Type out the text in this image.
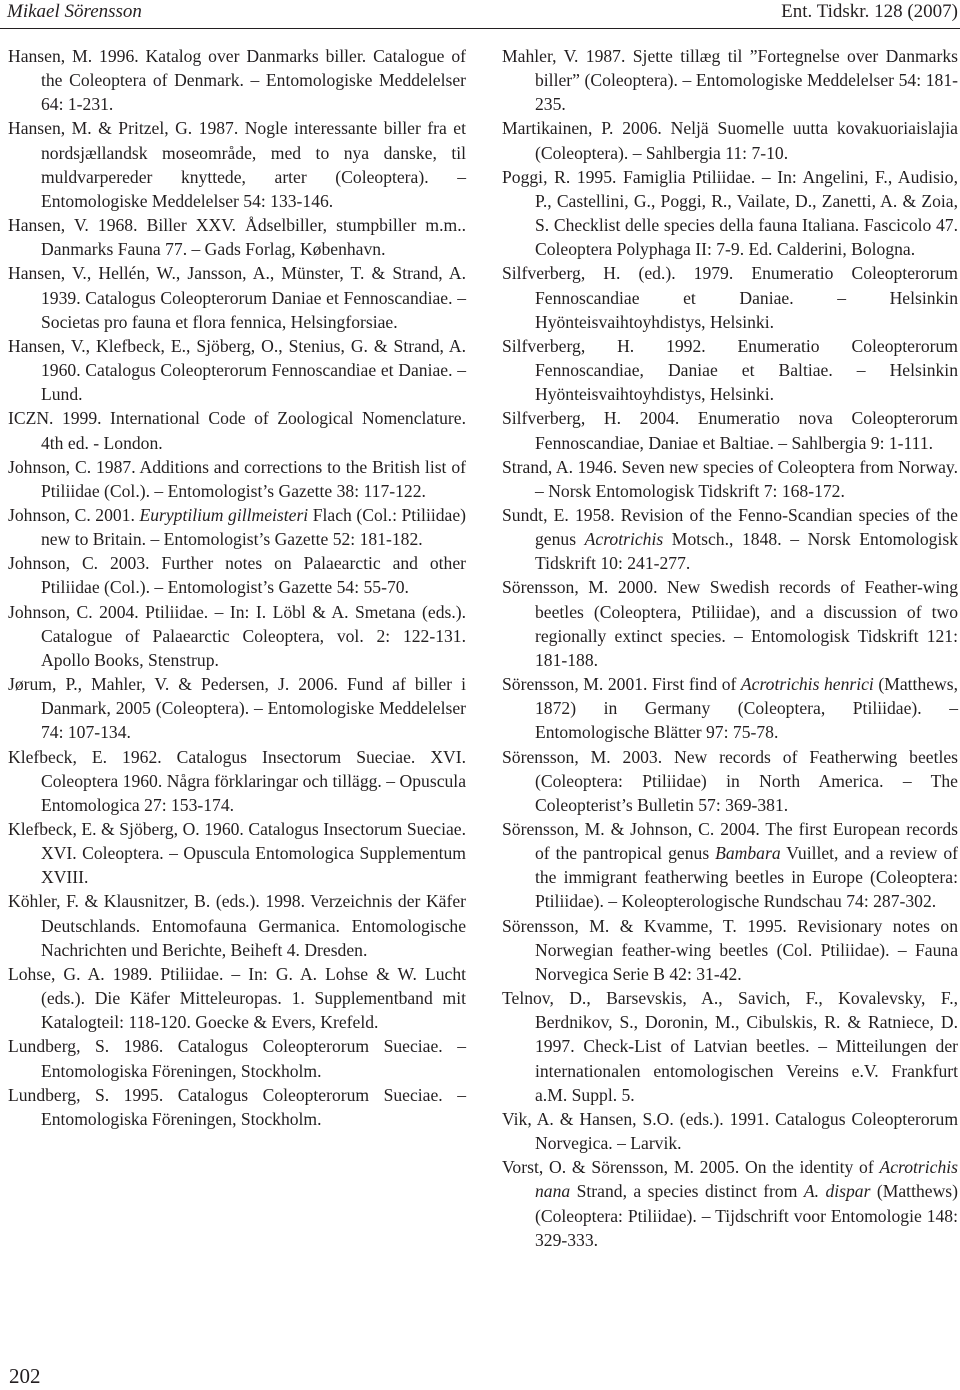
Mikael Sörensson	Ent. Tidskr. 128 (2007)

Hansen, M. 1996. Katalog over Danmarks biller. Catalogue of the Coleoptera of Denmark. – Entomologiske Meddelelser 64: 1-231.

Hansen, M. & Pritzel, G. 1987. Nogle interessante biller fra et nordsjællandsk moseområde, med to nya danske, til muldvarpereder knyttede, arter (Coleoptera). – Entomologiske Meddelelser 54: 133-146.

Hansen, V. 1968. Biller XXV. Ådselbiller, stumpbiller m.m.. Danmarks Fauna 77. – Gads Forlag, København.

Hansen, V., Hellén, W., Jansson, A., Münster, T. & Strand, A. 1939. Catalogus Coleopterorum Daniae et Fennoscandiae. – Societas pro fauna et flora fennica, Helsingforsiae.

Hansen, V., Klefbeck, E., Sjöberg, O., Stenius, G. & Strand, A. 1960. Catalogus Coleopterorum Fennoscandiae et Daniae. – Lund.

ICZN. 1999. International Code of Zoological Nomenclature. 4th ed. - London.

Johnson, C. 1987. Additions and corrections to the British list of Ptiliidae (Col.). – Entomologist’s Gazette 38: 117-122.

Johnson, C. 2001. Euryptilium gillmeisteri Flach (Col.: Ptiliidae) new to Britain. – Entomologist’s Gazette 52: 181-182.

Johnson, C. 2003. Further notes on Palaearctic and other Ptiliidae (Col.). – Entomologist’s Gazette 54: 55-70.

Johnson, C. 2004. Ptiliidae. – In: I. Löbl & A. Smetana (eds.). Catalogue of Palaearctic Coleoptera, vol. 2: 122-131. Apollo Books, Stenstrup.

Jørum, P., Mahler, V. & Pedersen, J. 2006. Fund af biller i Danmark, 2005 (Coleoptera). – Entomologiske Meddelelser 74: 107-134.

Klefbeck, E. 1962. Catalogus Insectorum Sueciae. XVI. Coleoptera 1960. Några förklaringar och tillägg. – Opuscula Entomologica 27: 153-174.

Klefbeck, E. & Sjöberg, O. 1960. Catalogus Insectorum Sueciae. XVI. Coleoptera. – Opuscula Entomologica Supplementum XVIII.

Köhler, F. & Klausnitzer, B. (eds.). 1998. Verzeichnis der Käfer Deutschlands. Entomofauna Germanica. Entomologische Nachrichten und Berichte, Beiheft 4. Dresden.

Lohse, G. A. 1989. Ptiliidae. – In: G. A. Lohse & W. Lucht (eds.). Die Käfer Mitteleuropas. 1. Supplementband mit Katalogteil: 118-120. Goecke & Evers, Krefeld.

Lundberg, S. 1986. Catalogus Coleopterorum Sueciae. – Entomologiska Föreningen, Stockholm.

Lundberg, S. 1995. Catalogus Coleopterorum Sueciae. – Entomologiska Föreningen, Stockholm.

Mahler, V. 1987. Sjette tillæg til ”Fortegnelse over Danmarks biller” (Coleoptera). – Entomologiske Meddelelser 54: 181-235.

Martikainen, P. 2006. Neljä Suomelle uutta kovakuoriaislajia (Coleoptera). – Sahlbergia 11: 7-10.

Poggi, R. 1995. Famiglia Ptiliidae. – In: Angelini, F., Audisio, P., Castellini, G., Poggi, R., Vailate, D., Zanetti, A. & Zoia, S. Checklist delle species della fauna Italiana. Fascicolo 47. Coleoptera Polyphaga II: 7-9. Ed. Calderini, Bologna.

Silfverberg, H. (ed.). 1979. Enumeratio Coleopterorum Fennoscandiae et Daniae. – Helsinkin Hyönteisvaihtoyhdistys, Helsinki.

Silfverberg, H. 1992. Enumeratio Coleopterorum Fennoscandiae, Daniae et Baltiae. – Helsinkin Hyönteisvaihtoyhdistys, Helsinki.

Silfverberg, H. 2004. Enumeratio nova Coleopterorum Fennoscandiae, Daniae et Baltiae. – Sahlbergia 9: 1-111.

Strand, A. 1946. Seven new species of Coleoptera from Norway. – Norsk Entomologisk Tidskrift 7: 168-172.

Sundt, E. 1958. Revision of the Fenno-Scandian species of the genus Acrotrichis Motsch., 1848. – Norsk Entomologisk Tidskrift 10: 241-277.

Sörensson, M. 2000. New Swedish records of Feather-wing beetles (Coleoptera, Ptiliidae), and a discussion of two regionally extinct species. – Entomologisk Tidskrift 121: 181-188.

Sörensson, M. 2001. First find of Acrotrichis henrici (Matthews, 1872) in Germany (Coleoptera, Ptiliidae). – Entomologische Blätter 97: 75-78.

Sörensson, M. 2003. New records of Featherwing beetles (Coleoptera: Ptiliidae) in North America. – The Coleopterist’s Bulletin 57: 369-381.

Sörensson, M. & Johnson, C. 2004. The first European records of the pantropical genus Bambara Vuillet, and a review of the immigrant featherwing beetles in Europe (Coleoptera: Ptiliidae). – Koleopterologische Rundschau 74: 287-302.

Sörensson, M. & Kvamme, T. 1995. Revisionary notes on Norwegian feather-wing beetles (Col. Ptiliidae). – Fauna Norvegica Serie B 42: 31-42.

Telnov, D., Barsevskis, A., Savich, F., Kovalevsky, F., Berdnikov, S., Doronin, M., Cibulskis, R. & Ratniece, D. 1997. Check-List of Latvian beetles. – Mitteilungen der internationalen entomologischen Vereins e.V. Frankfurt a.M. Suppl. 5.

Vik, A. & Hansen, S.O. (eds.). 1991. Catalogus Coleopterorum Norvegica. – Larvik.

Vorst, O. & Sörensson, M. 2005. On the identity of Acrotrichis nana Strand, a species distinct from A. dispar (Matthews) (Coleoptera: Ptiliidae). – Tijdschrift voor Entomologie 148: 329-333.

202
